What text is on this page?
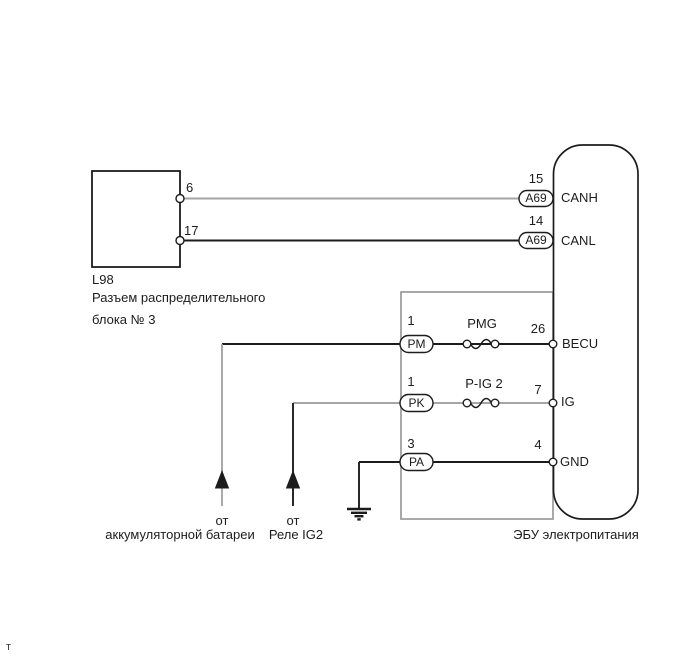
6
17
L98
Разъем распределительного
блока № 3
15
A69	CANH
14
A69	CANL
1	PMG	26
PM	BECU
1	P-IG 2	7
PK	IG
3	4
PA	GND
от
аккумуляторной батареи
от
Реле IG2	ЭБУ электропитания
т
